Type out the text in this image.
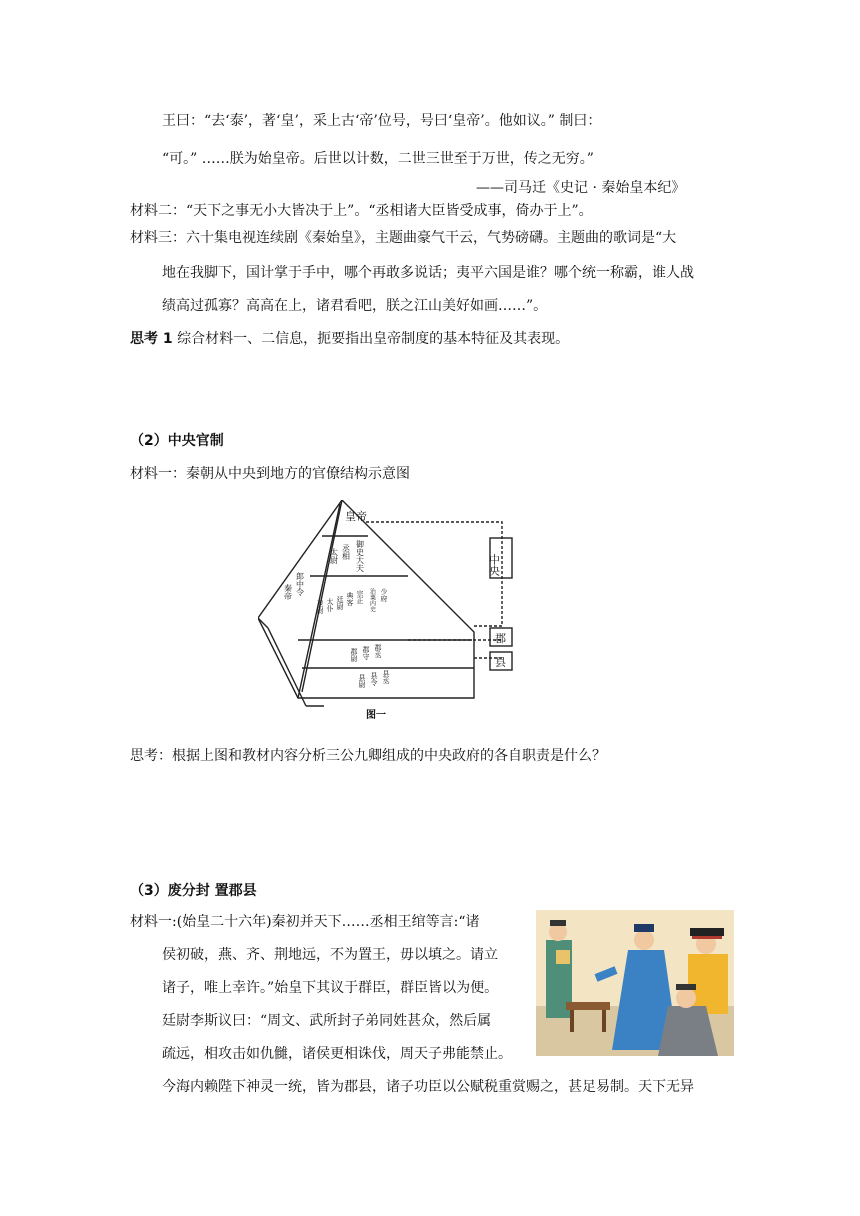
王曰：“去‘泰’，著‘皇’，采上古‘帝’位号，号曰‘皇帝’。他如议。” 制曰：
“可。” ……朕为始皇帝。后世以计数，二世三世至于万世，传之无穷。”
——司马迁《史记 · 秦始皇本纪》
材料二：“天下之事无小大皆决于上”。“丞相诸大臣皆受成事，倚办于上”。
材料三：六十集电视连续剧《秦始皇》，主题曲豪气干云，气势磅礴。主题曲的歌词是“大
地在我脚下，国计掌于手中，哪个再敢多说话；夷平六国是谁？哪个统一称霸，谁人战
绩高过孤寡？高高在上，诸君看吧，朕之江山美好如画……”。
思考 1 综合材料一、二信息，扼要指出皇帝制度的基本特征及其表现。
（2）中央官制
材料一：秦朝从中央到地方的官僚结构示意图
皇帝
中央
郡
县
太尉 丞相 御史大夫
秦帝 郎中令
卫尉 太仆 廷尉 典客 宗正 治粟内史 少府
郡尉 郡守 郡丞
县尉 县令 县丞
图一
思考：根据上图和教材内容分析三公九卿组成的中央政府的各自职责是什么？
（3）废分封 置郡县
材料一:(始皇二十六年)秦初并天下……丞相王绾等言:“诸
侯初破，燕、齐、荆地远，不为置王，毋以填之。请立
诸子，唯上幸许。”始皇下其议于群臣，群臣皆以为便。
廷尉李斯议曰：“周文、武所封子弟同姓甚众，然后属
疏远，相攻击如仇雠，诸侯更相诛伐，周天子弗能禁止。
今海内赖陛下神灵一统，皆为郡县，诸子功臣以公赋税重赏赐之，甚足易制。天下无异
